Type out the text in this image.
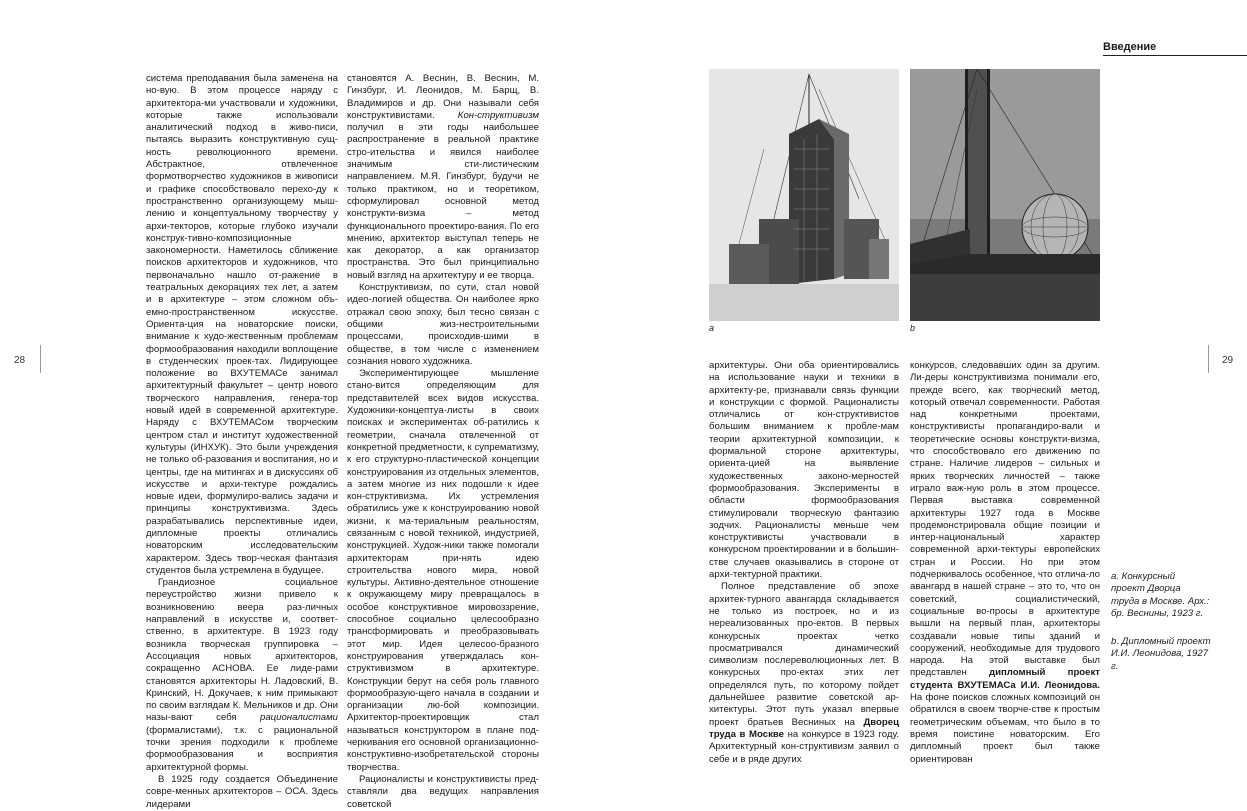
Введение
28	29

система преподавания была заменена на но-вую. В этом процессе наряду с архитектора-ми участвовали и художники, которые также использовали аналитический подход в живо-писи, пытаясь выразить конструктивную сущ-ность революционного времени. Абстрактное, отвлеченное формотворчество художников в живописи и графике способствовало перехо-ду к пространственно организующему мыш-лению и концептуальному творчеству у архи-текторов, которые глубоко изучали конструк-тивно-композиционные закономерности. Наметилось сближение поисков архитекторов и художников, что первоначально нашло от-ражение в театральных декорациях тех лет, а затем и в архитектуре – этом сложном объ-емно-пространственном искусстве. Ориента-ция на новаторские поиски, внимание к худо-жественным проблемам формообразования находили воплощение в студенческих проек-тах. Лидирующее положение во ВХУТЕМАСе занимал архитектурный факультет – центр нового творческого направления, генера-тор новый идей в современной архитектуре. Наряду с ВХУТЕМАСом творческим центром стал и институт художественной культуры (ИНХУК). Это были учреждения не только об-разования и воспитания, но и центры, где на митингах и в дискуссиях об искусстве и архи-тектуре рождались новые идеи, формулиро-вались задачи и принципы конструктивизма. Здесь разрабатывались перспективные идеи, дипломные проекты отличались новаторским исследовательским характером. Здесь твор-ческая фантазия студентов была устремлена в будущее.

Грандиозное социальное переустройство жизни привело к возникновению веера раз-личных направлений в искусстве и, соответ-ственно, в архитектуре. В 1923 году возникла творческая группировка – Ассоциация новых архитекторов, сокращенно АСНОВА. Ее лиде-рами становятся архитекторы Н. Ладовский, В. Кринский, Н. Докучаев, к ним примыкают по своим взглядам К. Мельников и др. Они назы-вают себя рационалистами (формалистами), т.к. с рациональной точки зрения подходили к проблеме формообразования и восприятия архитектурной формы.

В 1925 году создается Объединение совре-менных архитекторов – ОСА. Здесь лидерами

становятся А. Веснин, В. Веснин, М. Гинзбург, И. Леонидов, М. Барщ, В. Владимиров и др. Они называли себя конструктивистами. Кон-структивизм получил в эти годы наибольшее распространение в реальной практике стро-ительства и явился наиболее значимым сти-листическим направлением. М.Я. Гинзбург, будучи не только практиком, но и теоретиком, сформулировал основной метод конструкти-визма – метод функционального проектиро-вания. По его мнению, архитектор выступал теперь не как декоратор, а как организатор пространства. Это был принципиально новый взгляд на архитектуру и ее творца.

Конструктивизм, по сути, стал новой идео-логией общества. Он наиболее ярко отражал свою эпоху, был тесно связан с общими жиз-нестроительными процессами, происходив-шими в обществе, в том числе с изменением сознания нового художника.

Экспериментирующее мышление стано-вится определяющим для представителей всех видов искусства. Художники-концептуа-листы в своих поисках и экспериментах об-ратились к геометрии, сначала отвлеченной от конкретной предметности, к супрематизму, к его структурно-пластической концепции конструирования из отдельных элементов, а затем многие из них подошли к идее кон-структивизма. Их устремления обратились уже к конструированию новой жизни, к ма-териальным реальностям, связанным с новой техникой, индустрией, конструкцией. Худож-ники также помогали архитекторам при-нять идею строительства нового мира, новой культуры. Активно-деятельное отношение к окружающему миру превращалось в особое конструктивное мировоззрение, способное социально целесообразно трансформировать и преобразовывать этот мир. Идея целесоо-бразного конструирования утверждалась кон-структивизмом в архитектуре. Конструкции берут на себя роль главного формообразую-щего начала в создании и организации лю-бой композиции. Архитектор-проектировщик стал называться конструктором в плане под-черкивания его основной организационно-конструктивно-изобретательской стороны творчества.

Рационалисты и конструктивисты пред-ставляли два ведущих направления советской

a	b

архитектуры. Они оба ориентировались на использование науки и техники в архитекту-ре, признавали связь функции и конструкции с формой. Рационалисты отличались от кон-структивистов большим вниманием к пробле-мам теории архитектурной композиции, к формальной стороне архитектуры, ориента-цией на выявление художественных законо-мерностей формообразования. Эксперименты в области формообразования стимулировали творческую фантазию зодчих. Рационалисты меньше чем конструктивисты участвовали в конкурсном проектировании и в большин-стве случаев оказывались в стороне от архи-тектурной практики.

Полное представление об эпохе архитек-турного авангарда складывается не только из построек, но и из нереализованных про-ектов. В первых конкурсных проектах четко просматривался динамический символизм послереволюционных лет. В конкурсных про-ектах этих лет определялся путь, по которому пойдет дальнейшее развитие советской ар-хитектуры. Этот путь указал впервые проект братьев Весниных на Дворец труда в Москве на конкурсе в 1923 году. Архитектурный кон-структивизм заявил о себе и в ряде других

конкурсов, следовавших один за другим. Ли-деры конструктивизма понимали его, прежде всего, как творческий метод, который отвечал современности. Работая над конкретными проектами, конструктивисты пропагандиро-вали и теоретические основы конструкти-визма, что способствовало его движению по стране. Наличие лидеров – сильных и ярких творческих личностей – также играло важ-ную роль в этом процессе. Первая выставка современной архитектуры 1927 года в Москве продемонстрировала общие позиции и интер-национальный характер современной архи-тектуры европейских стран и России. Но при этом подчеркивалось особенное, что отлича-ло авангард в нашей стране – это то, что он советский, социалистический, социальные во-просы в архитектуре вышли на первый план, архитекторы создавали новые типы зданий и сооружений, необходимые для трудового народа. На этой выставке был представлен дипломный проект студента ВХУТЕМАСа И.И. Леонидова. На фоне поисков сложных композиций он обратился в своем творче-стве к простым геометрическим объемам, что было в то время поистине новаторским. Его дипломный проект был также ориентирован

a. Конкурсный проект Дворца труда в Москве. Арх.: бр. Веснины, 1923 г.
b. Дипломный проект И.И. Леонидова, 1927 г.
